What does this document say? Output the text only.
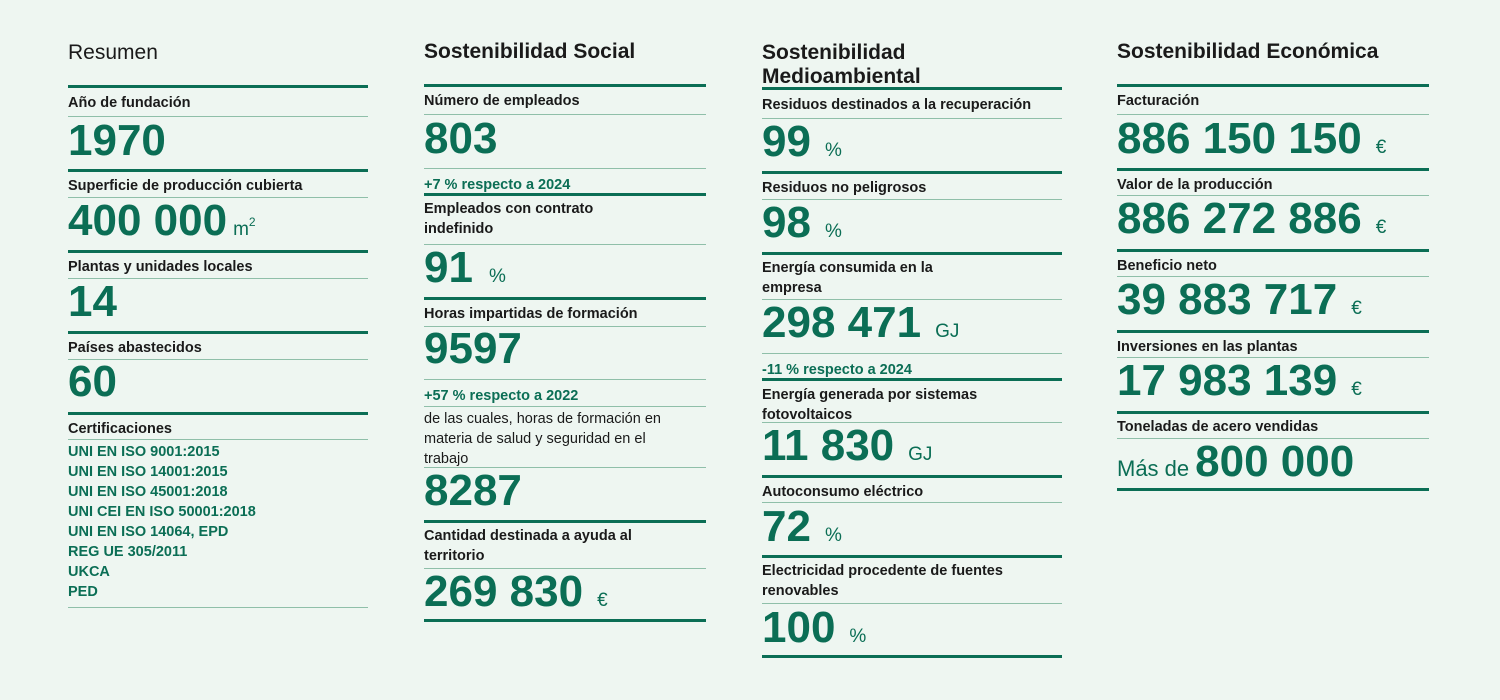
Resumen
Año de fundación
1970
Superficie de producción cubierta
400 000 $m^2$
Plantas y unidades locales
14
Países abastecidos
60
Certificaciones
UNI EN ISO 9001:2015
UNI EN ISO 14001:2015
UNI EN ISO 45001:2018
UNI CEI EN ISO 50001:2018
UNI EN ISO 14064, EPD
REG UE 305/2011
UKCA
PED
Sostenibilidad Social
Número de empleados
803
+7 % respecto a 2024
Empleados con contrato indefinido
91 %
Horas impartidas de formación
9597
+57 % respecto a 2022
de las cuales, horas de formación en materia de salud y seguridad en el trabajo
8287
Cantidad destinada a ayuda al territorio
269 830 €
Sostenibilidad Medioambiental
Residuos destinados a la recuperación
99 %
Residuos no peligrosos
98 %
Energía consumida en la empresa
298 471 GJ
-11 % respecto a 2024
Energía generada por sistemas fotovoltaicos
11 830 GJ
Autoconsumo eléctrico
72 %
Electricidad procedente de fuentes renovables
100 %
Sostenibilidad Económica
Facturación
886 150 150 €
Valor de la producción
886 272 886 €
Beneficio neto
39 883 717 €
Inversiones en las plantas
17 983 139 €
Toneladas de acero vendidas
Más de 800 000
